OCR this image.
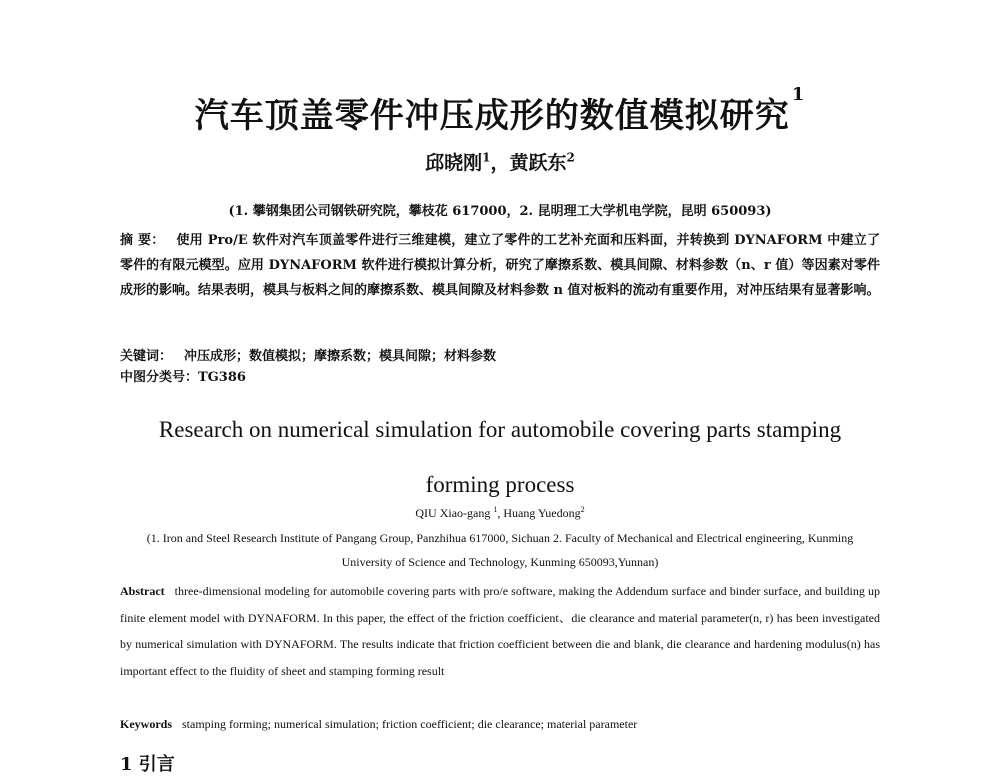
汽车顶盖零件冲压成形的数值模拟研究$^1$
邱晓刚$^1$，黄跃东$^2$
(1. 攀钢集团公司钢铁研究院，攀枝花 617000，2. 昆明理工大学机电学院，昆明 650093)
摘 要： 使用 Pro/E 软件对汽车顶盖零件进行三维建模，建立了零件的工艺补充面和压料面，并转换到 DYNAFORM 中建立了零件的有限元模型。应用 DYNAFORM 软件进行模拟计算分析，研究了摩擦系数、模具间隙、材料参数（n、r 值）等因素对零件成形的影响。结果表明，模具与板料之间的摩擦系数、模具间隙及材料参数 n 值对板料的流动有重要作用，对冲压结果有显著影响。
关键词： 冲压成形；数值模拟；摩擦系数；模具间隙；材料参数
中图分类号：TG386
Research on numerical simulation for automobile covering parts stamping forming process
QIU Xiao-gang $^1$, Huang Yuedong$^2$
(1. Iron and Steel Research Institute of Pangang Group, Panzhihua 617000, Sichuan 2. Faculty of Mechanical and Electrical engineering, Kunming University of Science and Technology, Kunming 650093,Yunnan)
Abstract three-dimensional modeling for automobile covering parts with pro/e software, making the Addendum surface and binder surface, and building up finite element model with DYNAFORM. In this paper, the effect of the friction coefficient、die clearance and material parameter(n, r) has been investigated by numerical simulation with DYNAFORM. The results indicate that friction coefficient between die and blank, die clearance and hardening modulus(n) has important effect to the fluidity of sheet and stamping forming result
Keywords stamping forming; numerical simulation; friction coefficient; die clearance; material parameter
1 引言
